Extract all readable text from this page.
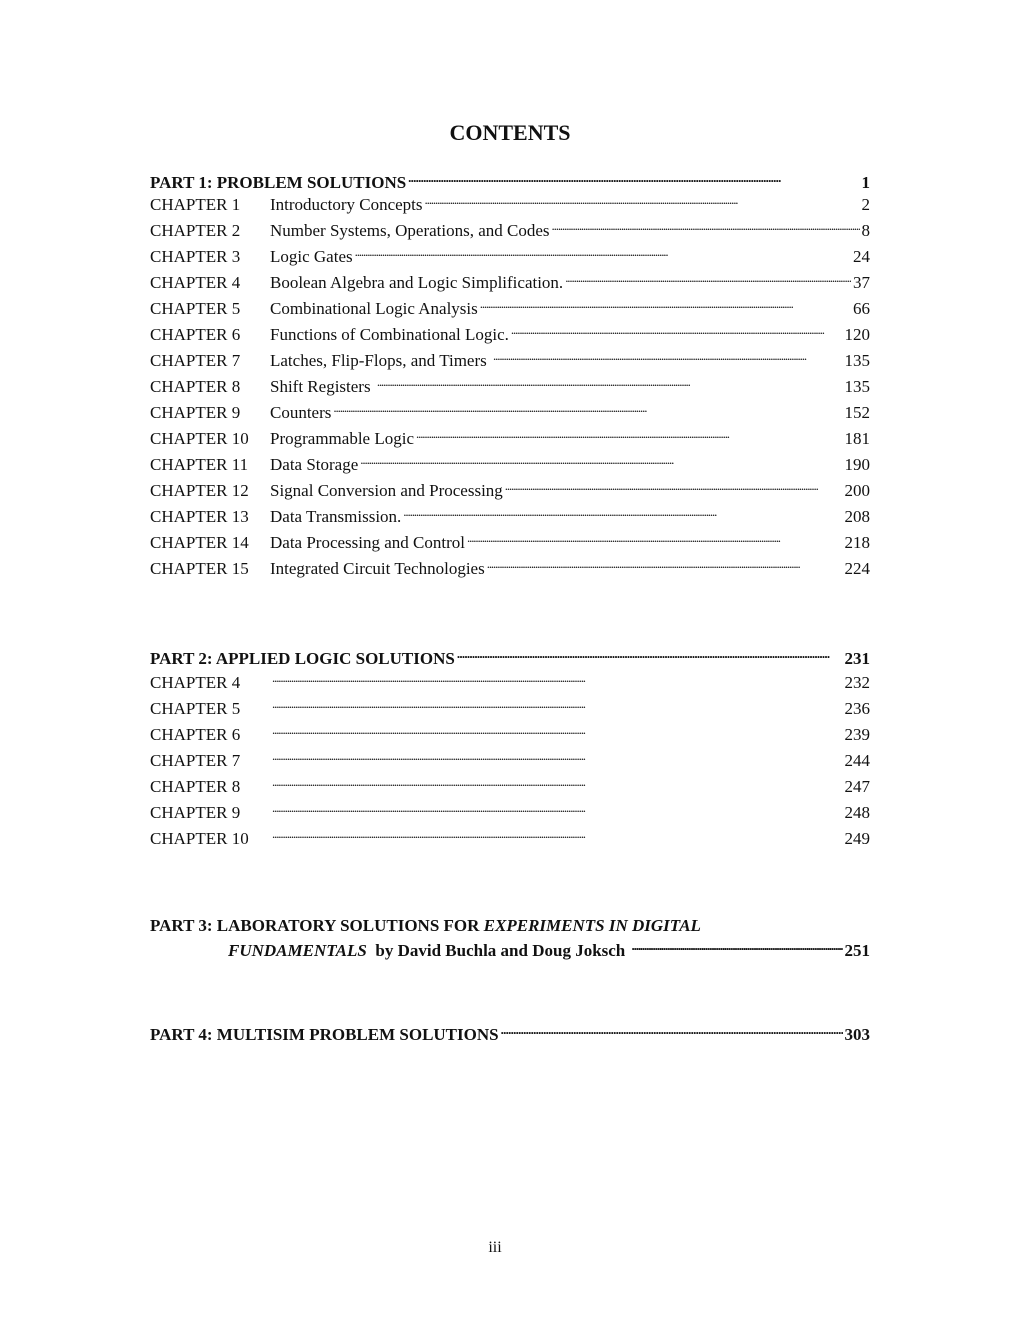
CONTENTS
PART 1: PROBLEM SOLUTIONS . . .	1
CHAPTER 1	Introductory Concepts . . .	2
CHAPTER 2	Number Systems, Operations, and Codes . . .	8
CHAPTER 3	Logic Gates . . .	24
CHAPTER 4	Boolean Algebra and Logic Simplification. . . .	37
CHAPTER 5	Combinational Logic Analysis . . .	66
CHAPTER 6	Functions of Combinational Logic. . . .	120
CHAPTER 7	Latches, Flip-Flops, and Timers . . .	135
CHAPTER 8	Shift Registers . . .	135
CHAPTER 9	Counters . . .	152
CHAPTER 10	Programmable Logic . . .	181
CHAPTER 11	Data Storage . . .	190
CHAPTER 12	Signal Conversion and Processing . . .	200
CHAPTER 13	Data Transmission. . . .	208
CHAPTER 14	Data Processing and Control . . .	218
CHAPTER 15	Integrated Circuit Technologies . . .	224
PART 2: APPLIED LOGIC SOLUTIONS . . .	231
CHAPTER 4 . . .	232
CHAPTER 5 . . .	236
CHAPTER 6 . . .	239
CHAPTER 7 . . .	244
CHAPTER 8 . . .	247
CHAPTER 9 . . .	248
CHAPTER 10 . . .	249
PART 3: LABORATORY SOLUTIONS FOR EXPERIMENTS IN DIGITAL
FUNDAMENTALS by David Buchla and Doug Joksch . . .	251
PART 4: MULTISIM PROBLEM SOLUTIONS . . .	303
iii
